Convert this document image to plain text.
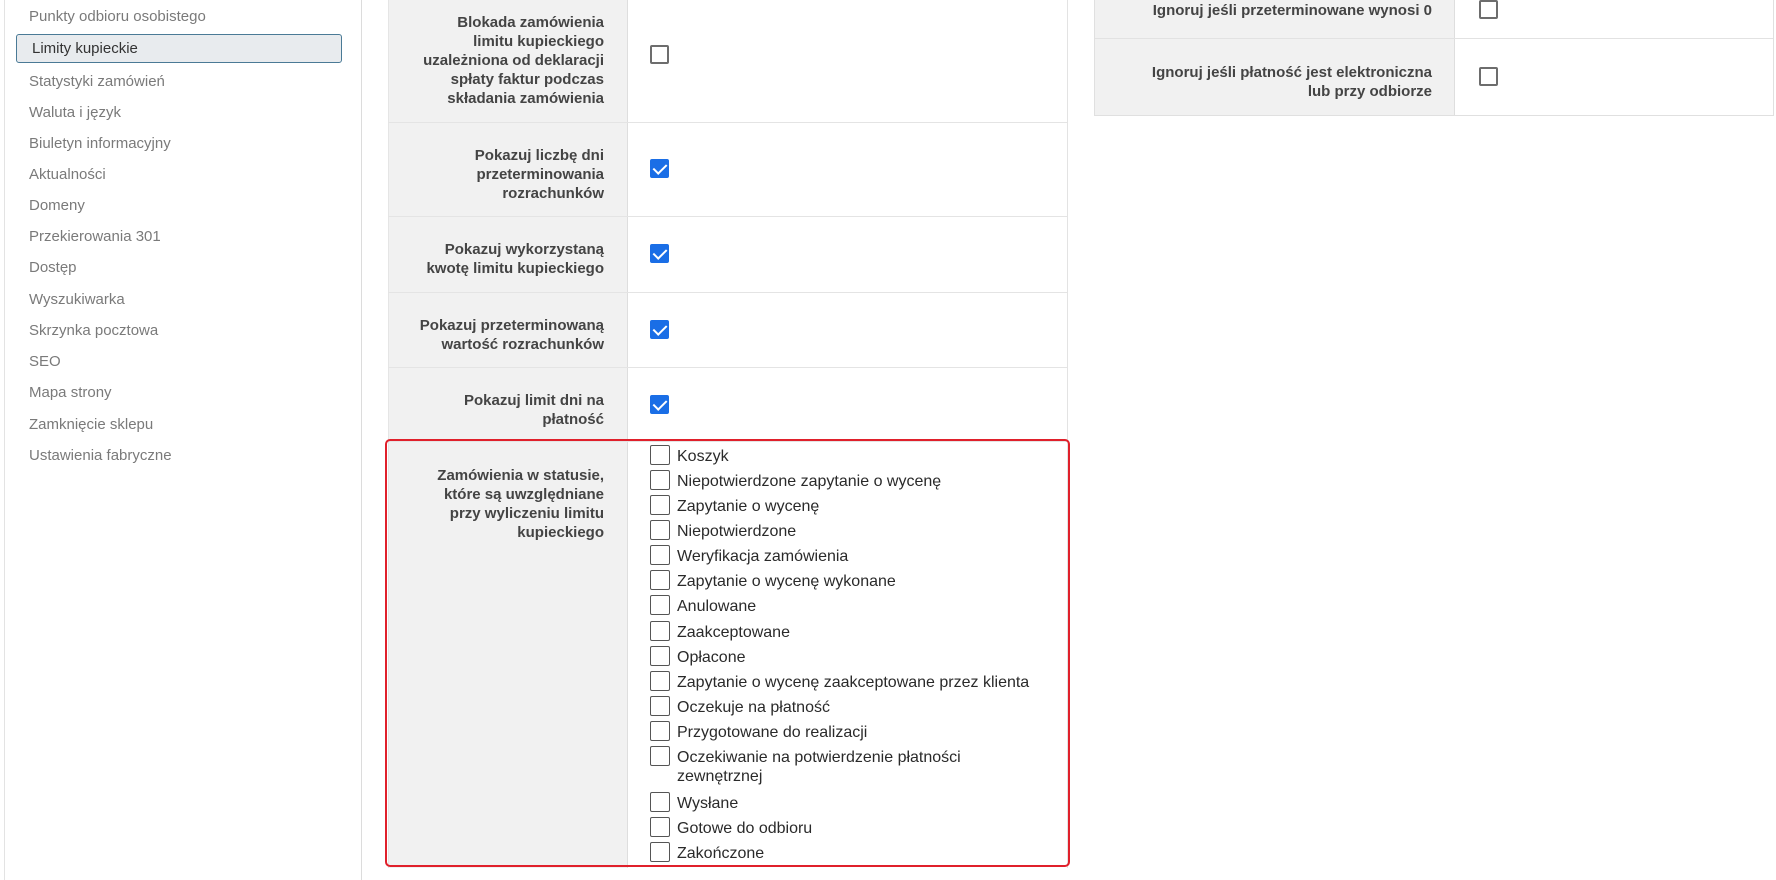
Punkty odbioru osobistego
Limity kupieckie
Statystyki zamówień
Waluta i język
Biuletyn informacyjny
Aktualności
Domeny
Przekierowania 301
Dostęp
Wyszukiwarka
Skrzynka pocztowa
SEO
Mapa strony
Zamknięcie sklepu
Ustawienia fabryczne
Blokada zamówienia
limitu kupieckiego
uzależniona od deklaracji
spłaty faktur podczas
składania zamówienia
Pokazuj liczbę dni
przeterminowania
rozrachunków
Pokazuj wykorzystaną
kwotę limitu kupieckiego
Pokazuj przeterminowaną
wartość rozrachunków
Pokazuj limit dni na
płatność
Zamówienia w statusie,
które są uwzględniane
przy wyliczeniu limitu
kupieckiego
Koszyk
Niepotwierdzone zapytanie o wycenę
Zapytanie o wycenę
Niepotwierdzone
Weryfikacja zamówienia
Zapytanie o wycenę wykonane
Anulowane
Zaakceptowane
Opłacone
Zapytanie o wycenę zaakceptowane przez klienta
Oczekuje na płatność
Przygotowane do realizacji
Oczekiwanie na potwierdzenie płatności
zewnętrznej
Wysłane
Gotowe do odbioru
Zakończone
Ignoruj jeśli przeterminowane wynosi 0
Ignoruj jeśli płatność jest elektroniczna
lub przy odbiorze
